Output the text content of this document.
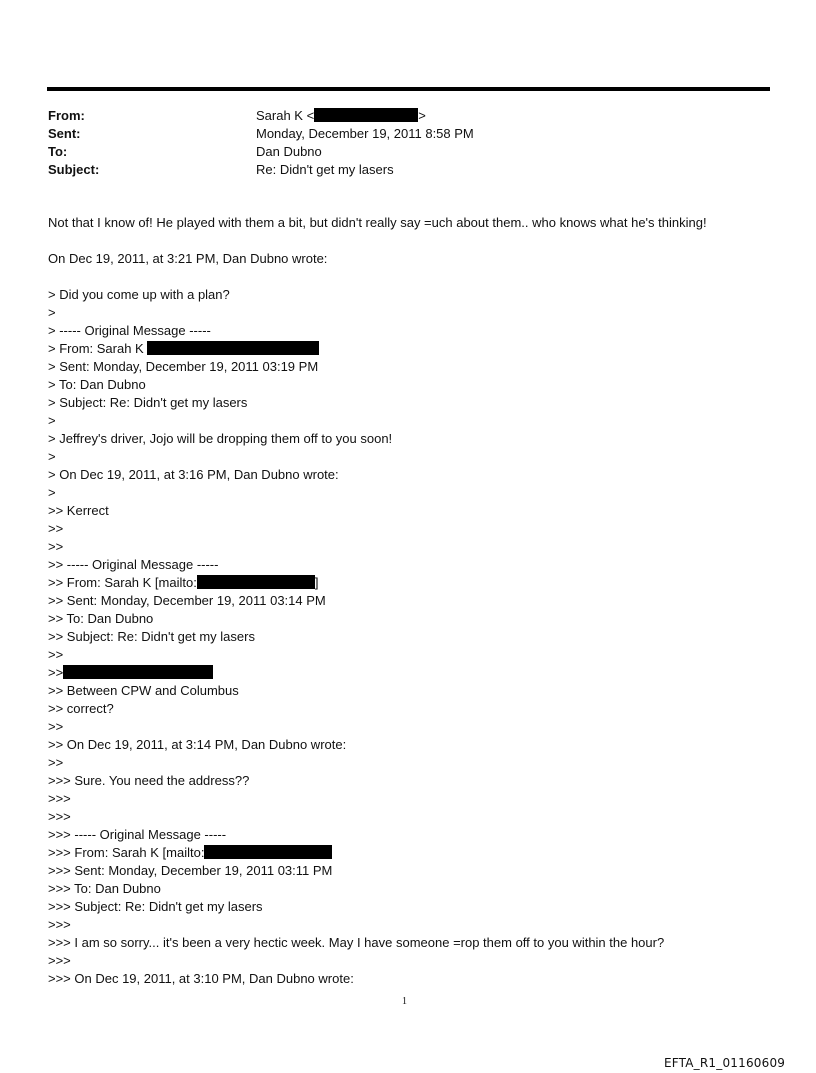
From:	Sarah K <	>
Sent:	Monday, December 19, 2011 8:58 PM
To:	Dan Dubno
Subject:	Re: Didn't get my lasers
Not that I know of! He played with them a bit, but didn't really say =uch about them.. who knows what he's thinking!
On Dec 19, 2011, at 3:21 PM, Dan Dubno wrote:
> Did you come up with a plan?
>
> ----- Original Message -----
> From: Sarah K
> Sent: Monday, December 19, 2011 03:19 PM
> To: Dan Dubno
> Subject: Re: Didn't get my lasers
>
> Jeffrey's driver, Jojo will be dropping them off to you soon!
>
> On Dec 19, 2011, at 3:16 PM, Dan Dubno wrote:
>
>> Kerrect
>>
>>
>> ----- Original Message -----
>> From: Sarah K [mailto:	]
>> Sent: Monday, December 19, 2011 03:14 PM
>> To: Dan Dubno
>> Subject: Re: Didn't get my lasers
>>
>>
>> Between CPW and Columbus
>> correct?
>>
>> On Dec 19, 2011, at 3:14 PM, Dan Dubno wrote:
>>
>>> Sure. You need the address??
>>>
>>>
>>> ----- Original Message -----
>>> From: Sarah K [mailto:
>>> Sent: Monday, December 19, 2011 03:11 PM
>>> To: Dan Dubno
>>> Subject: Re: Didn't get my lasers
>>>
>>> I am so sorry... it's been a very hectic week. May I have someone =rop them off to you within the hour?
>>>
>>> On Dec 19, 2011, at 3:10 PM, Dan Dubno wrote:
1
EFTA_R1_01160609
